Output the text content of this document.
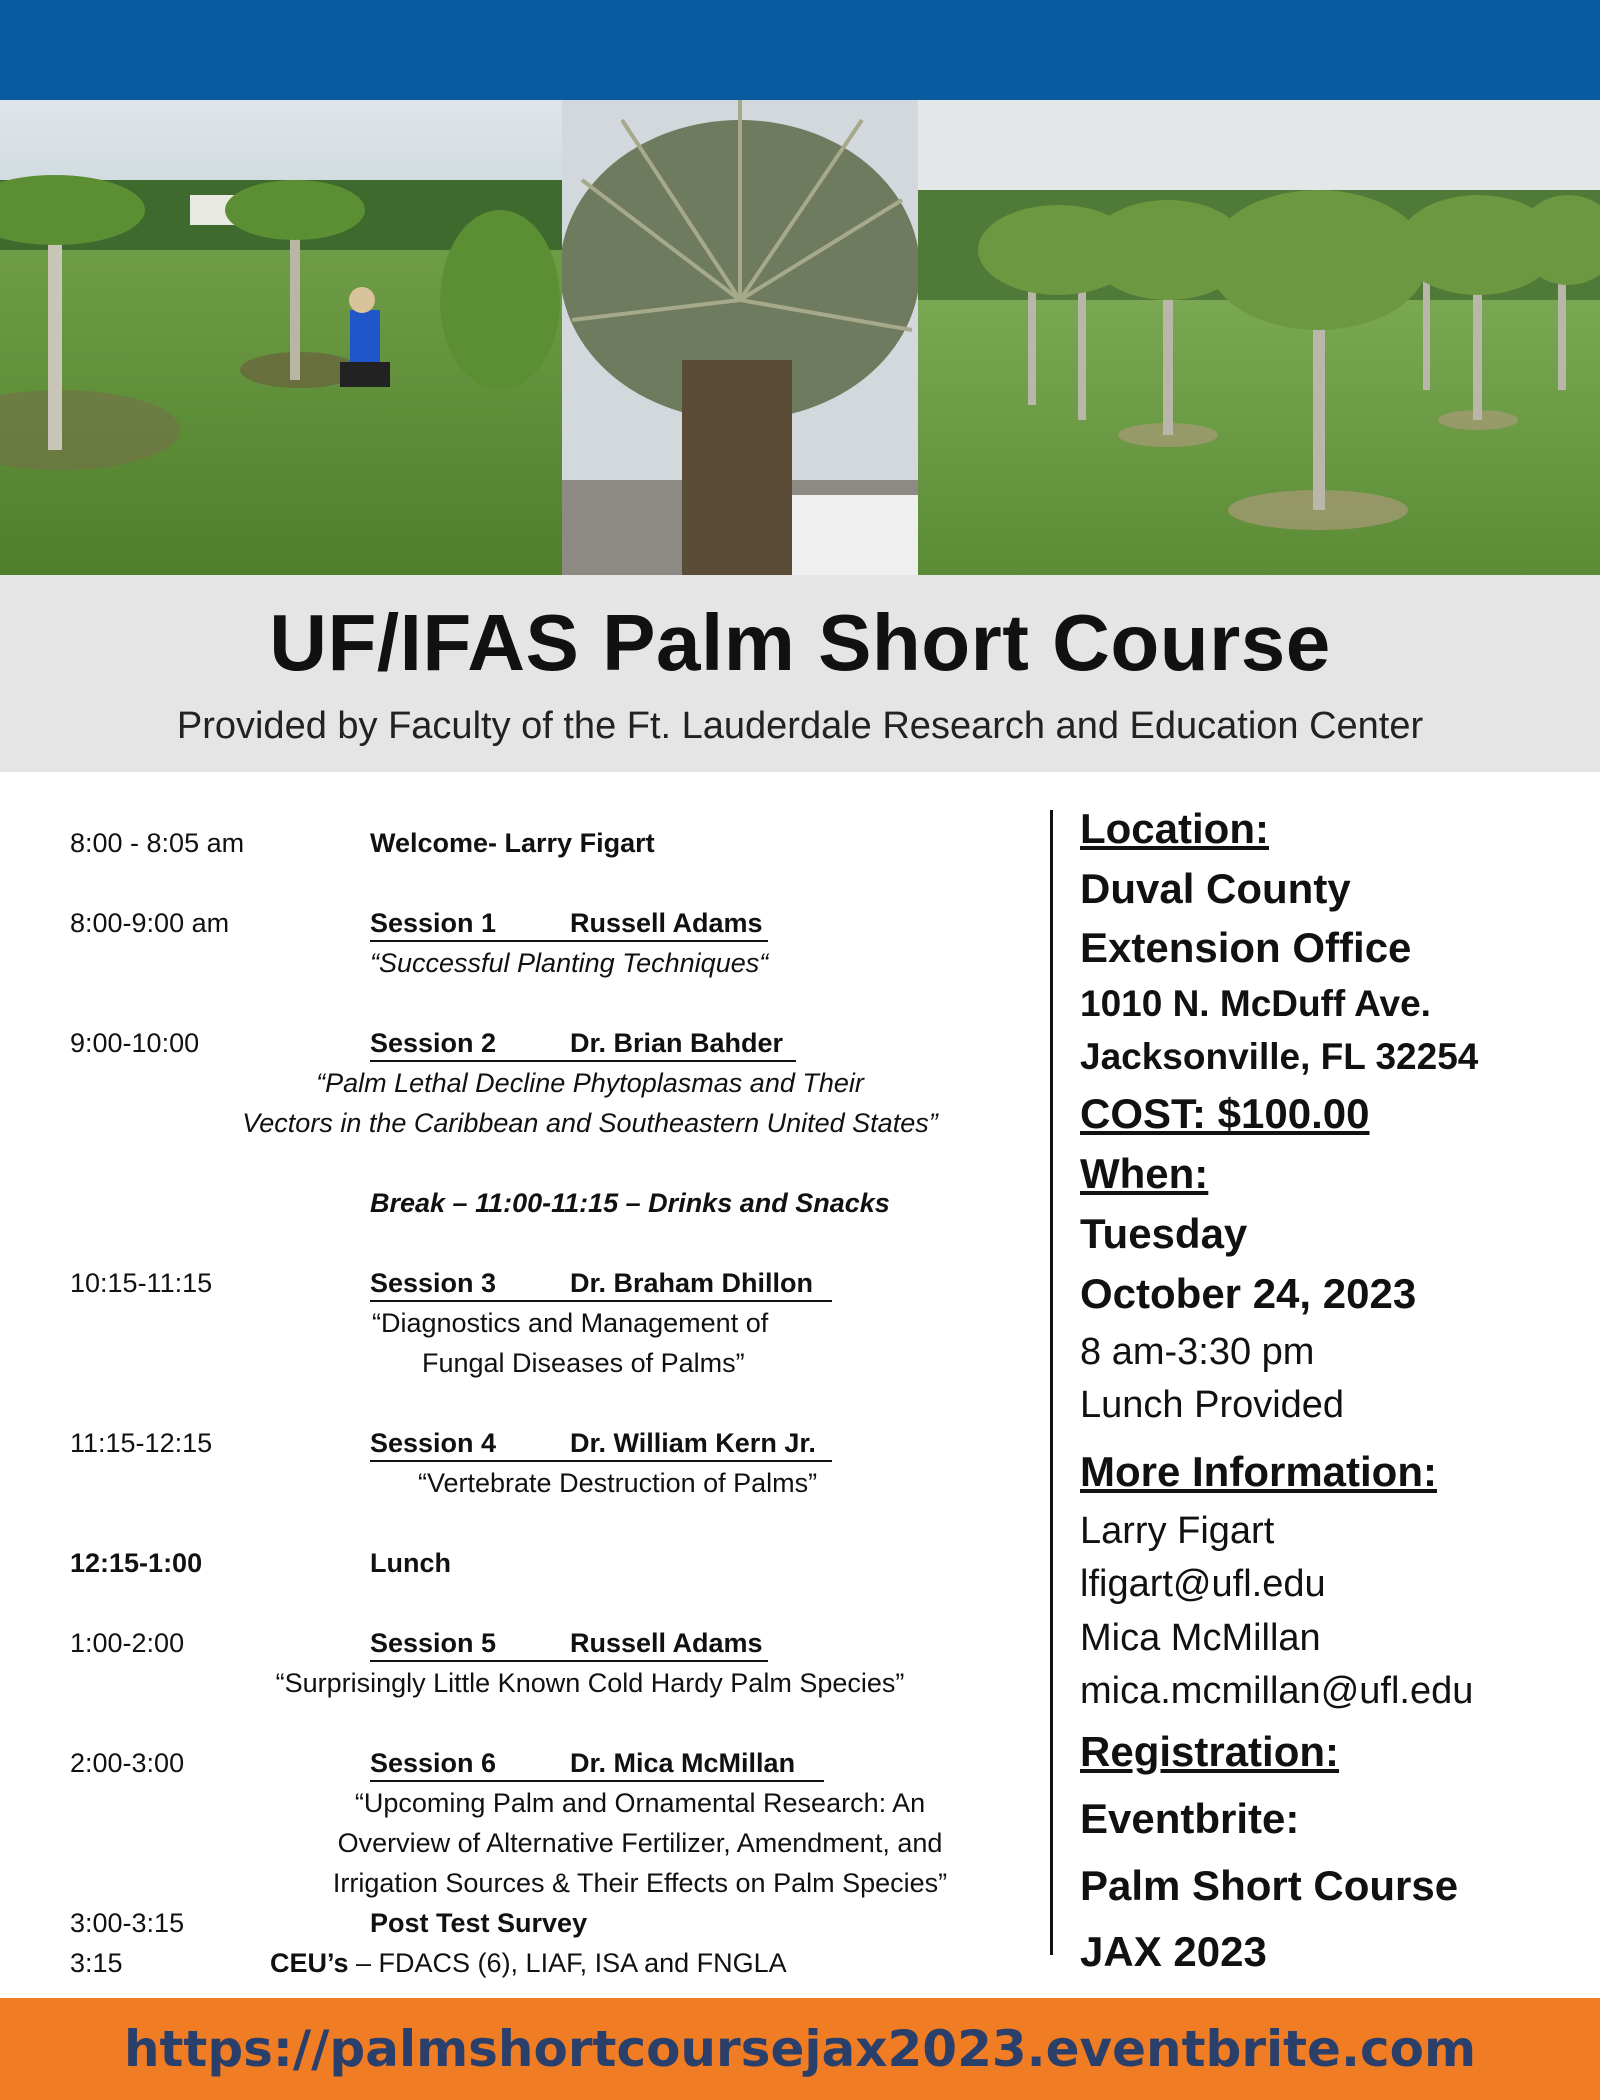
UF/IFAS Palm Short Course
Provided by Faculty of the Ft. Lauderdale Research and Education Center
8:00 - 8:05 am	Welcome- Larry Figart
8:00-9:00 am	Session 1	Russell Adams
“Successful Planting Techniques“
9:00-10:00	Session 2	Dr. Brian Bahder
“Palm Lethal Decline Phytoplasmas and Their
Vectors in the Caribbean and Southeastern United States”
Break – 11:00-11:15 – Drinks and Snacks
10:15-11:15	Session 3	Dr. Braham Dhillon
“Diagnostics and Management of
Fungal Diseases of Palms”
11:15-12:15	Session 4	Dr. William Kern Jr.
“Vertebrate Destruction of Palms”
12:15-1:00	Lunch
1:00-2:00	Session 5	Russell Adams
“Surprisingly Little Known Cold Hardy Palm Species”
2:00-3:00	Session 6	Dr. Mica McMillan
“Upcoming Palm and Ornamental Research: An
Overview of Alternative Fertilizer, Amendment, and
Irrigation Sources & Their Effects on Palm Species”
3:00-3:15	Post Test Survey
3:15	CEU’s – FDACS (6), LIAF, ISA and FNGLA
Location:
Duval County
Extension Office
1010 N. McDuff Ave.
Jacksonville, FL 32254
COST: $100.00
When:
Tuesday
October 24, 2023
8 am-3:30 pm
Lunch Provided
More Information:
Larry Figart
lfigart@ufl.edu
Mica McMillan
mica.mcmillan@ufl.edu
Registration:
Eventbrite:
Palm Short Course
JAX 2023
https://palmshortcoursejax2023.eventbrite.com
